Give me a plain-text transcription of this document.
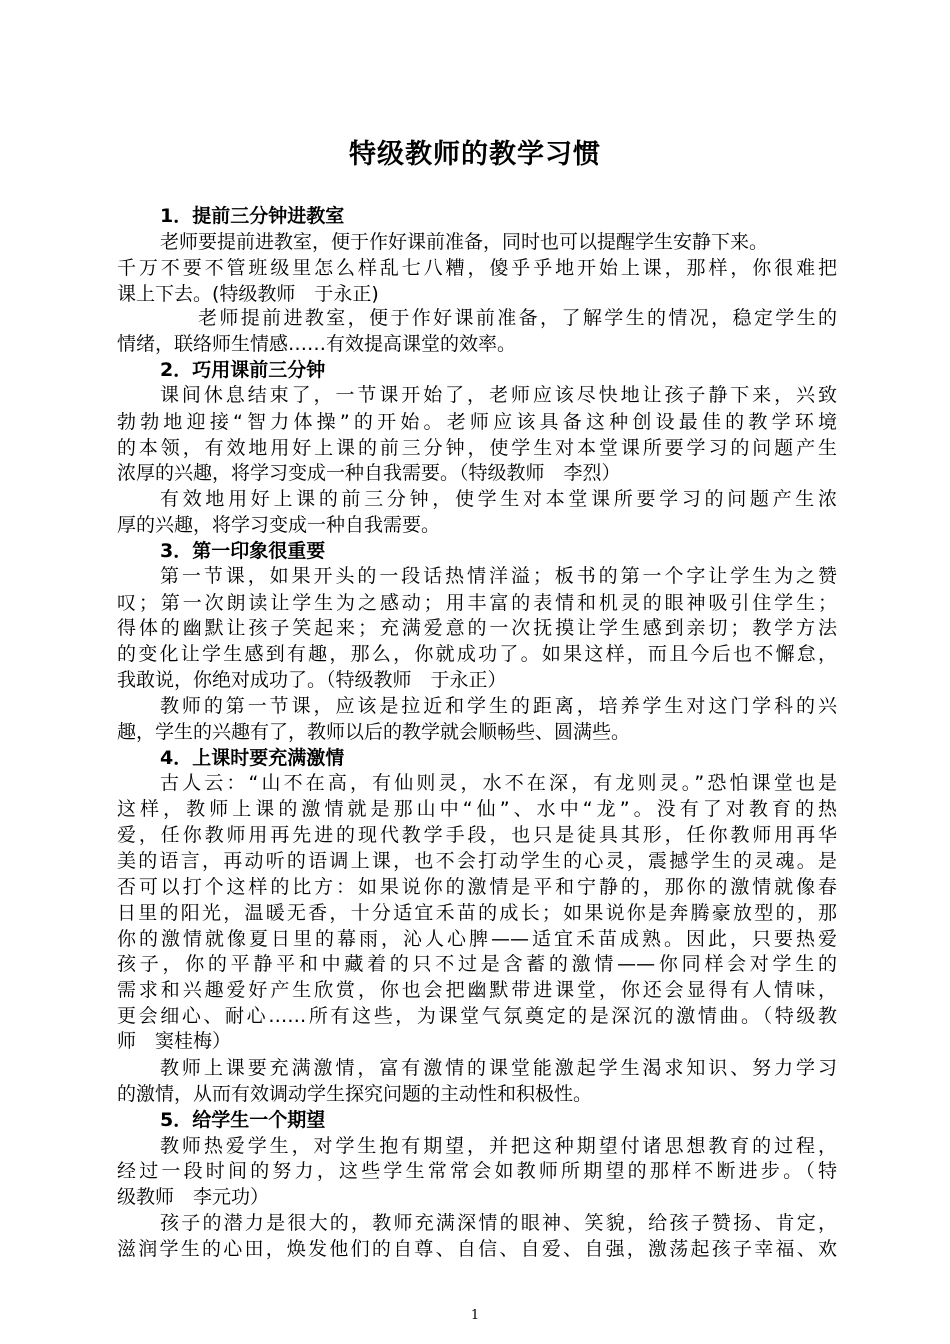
特级教师的教学习惯
1．提前三分钟进教室
老师要提前进教室，便于作好课前准备，同时也可以提醒学生安静下来。
千万不要不管班级里怎么样乱七八糟，傻乎乎地开始上课，那样，你很难把
课上下去。(特级教师　于永正)
老师提前进教室，便于作好课前准备，了解学生的情况，稳定学生的
情绪，联络师生情感……有效提高课堂的效率。
2．巧用课前三分钟
课间休息结束了，一节课开始了，老师应该尽快地让孩子静下来，兴致
勃勃地迎接“智力体操”的开始。老师应该具备这种创设最佳的教学环境
的本领，有效地用好上课的前三分钟，使学生对本堂课所要学习的问题产生
浓厚的兴趣，将学习变成一种自我需要。（特级教师　李烈）
有效地用好上课的前三分钟，使学生对本堂课所要学习的问题产生浓
厚的兴趣，将学习变成一种自我需要。
3．第一印象很重要
第一节课，如果开头的一段话热情洋溢；板书的第一个字让学生为之赞
叹；第一次朗读让学生为之感动；用丰富的表情和机灵的眼神吸引住学生；
得体的幽默让孩子笑起来；充满爱意的一次抚摸让学生感到亲切；教学方法
的变化让学生感到有趣，那么，你就成功了。如果这样，而且今后也不懈怠，
我敢说，你绝对成功了。（特级教师　于永正）
教师的第一节课，应该是拉近和学生的距离，培养学生对这门学科的兴
趣，学生的兴趣有了，教师以后的教学就会顺畅些、圆满些。
4．上课时要充满激情
古人云：“山不在高，有仙则灵，水不在深，有龙则灵。”恐怕课堂也是
这样，教师上课的激情就是那山中“仙”、水中“龙”。没有了对教育的热
爱，任你教师用再先进的现代教学手段，也只是徒具其形，任你教师用再华
美的语言，再动听的语调上课，也不会打动学生的心灵，震撼学生的灵魂。是
否可以打个这样的比方：如果说你的激情是平和宁静的，那你的激情就像春
日里的阳光，温暖无香，十分适宜禾苗的成长；如果说你是奔腾豪放型的，那
你的激情就像夏日里的幕雨，沁人心脾——适宜禾苗成熟。因此，只要热爱
孩子，你的平静平和中藏着的只不过是含蓄的激情——你同样会对学生的
需求和兴趣爱好产生欣赏，你也会把幽默带进课堂，你还会显得有人情味，
更会细心、耐心……所有这些，为课堂气氛奠定的是深沉的激情曲。（特级教
师　窦桂梅）
教师上课要充满激情，富有激情的课堂能激起学生渴求知识、努力学习
的激情，从而有效调动学生探究问题的主动性和积极性。
5．给学生一个期望
教师热爱学生，对学生抱有期望，并把这种期望付诸思想教育的过程，
经过一段时间的努力，这些学生常常会如教师所期望的那样不断进步。（特
级教师　李元功）
孩子的潜力是很大的，教师充满深情的眼神、笑貌，给孩子赞扬、肯定，
滋润学生的心田，焕发他们的自尊、自信、自爱、自强，激荡起孩子幸福、欢
1
